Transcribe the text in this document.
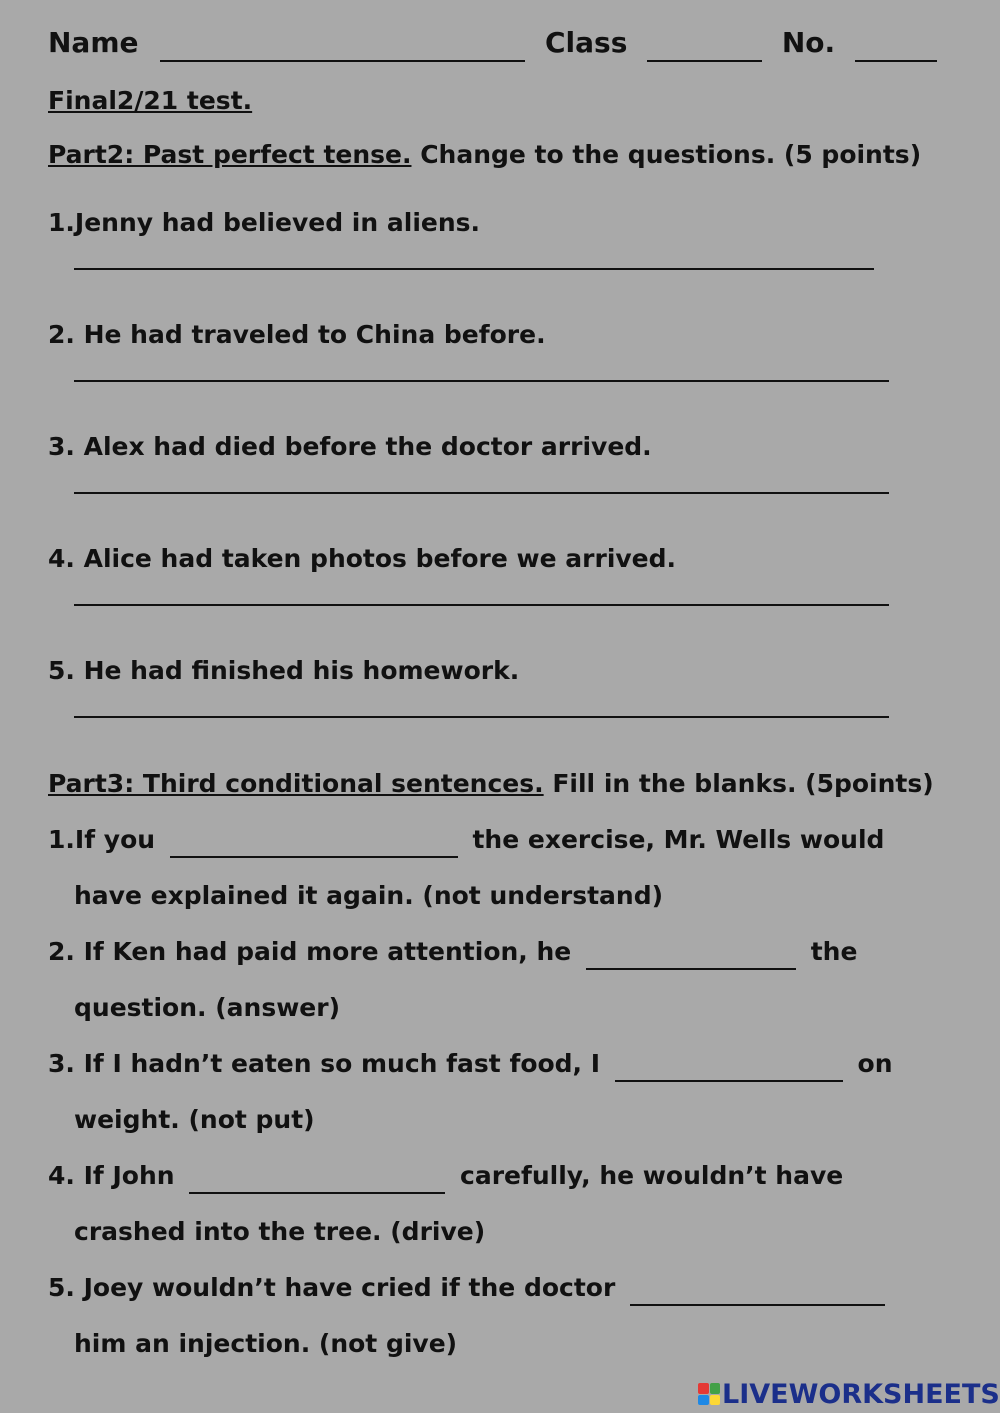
Name	Class	No.
Final2/21 test.
Part2: Past perfect tense. Change to the questions. (5 points)
1.Jenny had believed in aliens.
2. He had traveled to China before.
3. Alex had died before the doctor arrived.
4. Alice had taken photos before we arrived.
5. He had finished his homework.
Part3: Third conditional sentences. Fill in the blanks. (5points)
1.If you	the exercise, Mr. Wells would
have explained it again. (not understand)
2. If Ken had paid more attention, he	the
question. (answer)
3. If I hadn’t eaten so much fast food, I	on
weight. (not put)
4. If John	carefully, he wouldn’t have
crashed into the tree. (drive)
5. Joey wouldn’t have cried if the doctor
him an injection. (not give)
LIVEWORKSHEETS
